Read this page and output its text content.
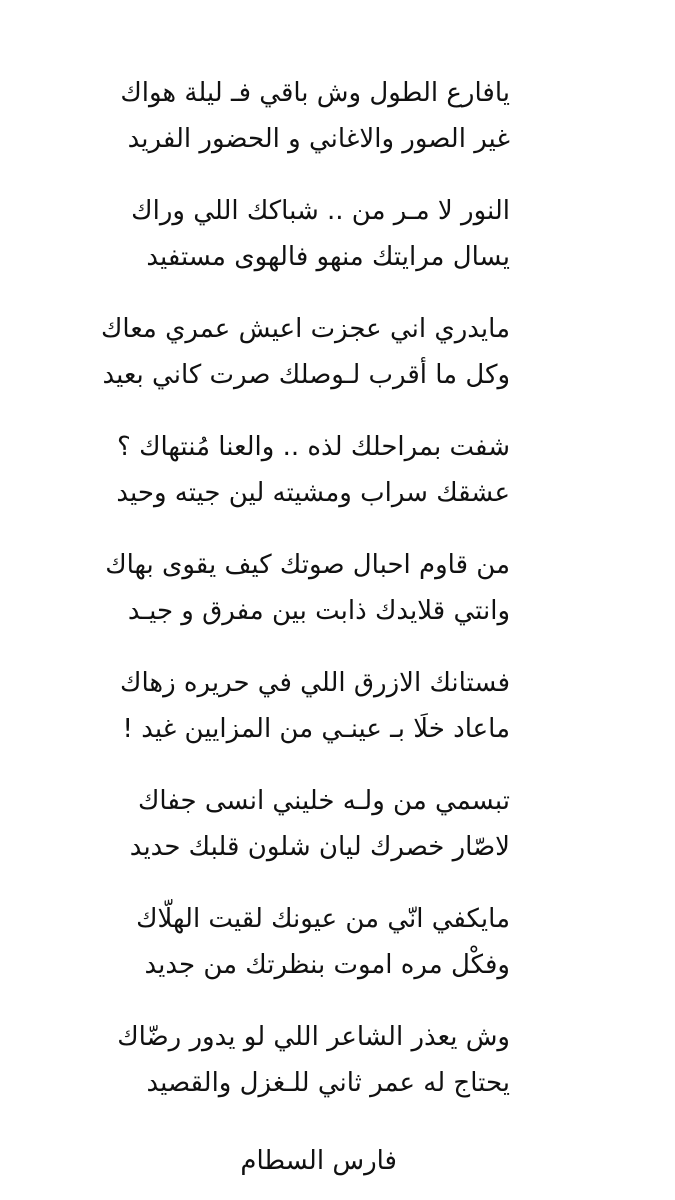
يافارع الطول وش باقي فـ ليلة هواك
غير الصور والاغاني و الحضور الفريد
النور لا مـر من .. شباكك اللي وراك
يسال مرايتك منهو فالهوى مستفيد
مايدري اني عجزت اعيش عمري معاك
وكل ما أقرب لـوصلك صرت كاني بعيد
شفت بمراحلك لذه .. والعنا مُنتهاك ؟
عشقك سراب ومشيته لين جيته وحيد
من قاوم احبال صوتك كيف يقوى بهاك
وانتي قلايدك ذابت بين مفرق و جيـد
فستانك الازرق اللي في حريره زهاك
ماعاد خلَا بـ عينـي من المزايين غيد !
تبسمي من ولـه خليني انسى جفاك
لاصّار خصرك ليان شلون قلبك حديد
مايكفي انّي من عيونك لقيت الهلّاك
وفكْل مره اموت بنظرتك من جديد
وش يعذر الشاعر اللي لو يدور رضّاك
يحتاج له عمر ثاني للـغزل والقصيد
فارس السطام
